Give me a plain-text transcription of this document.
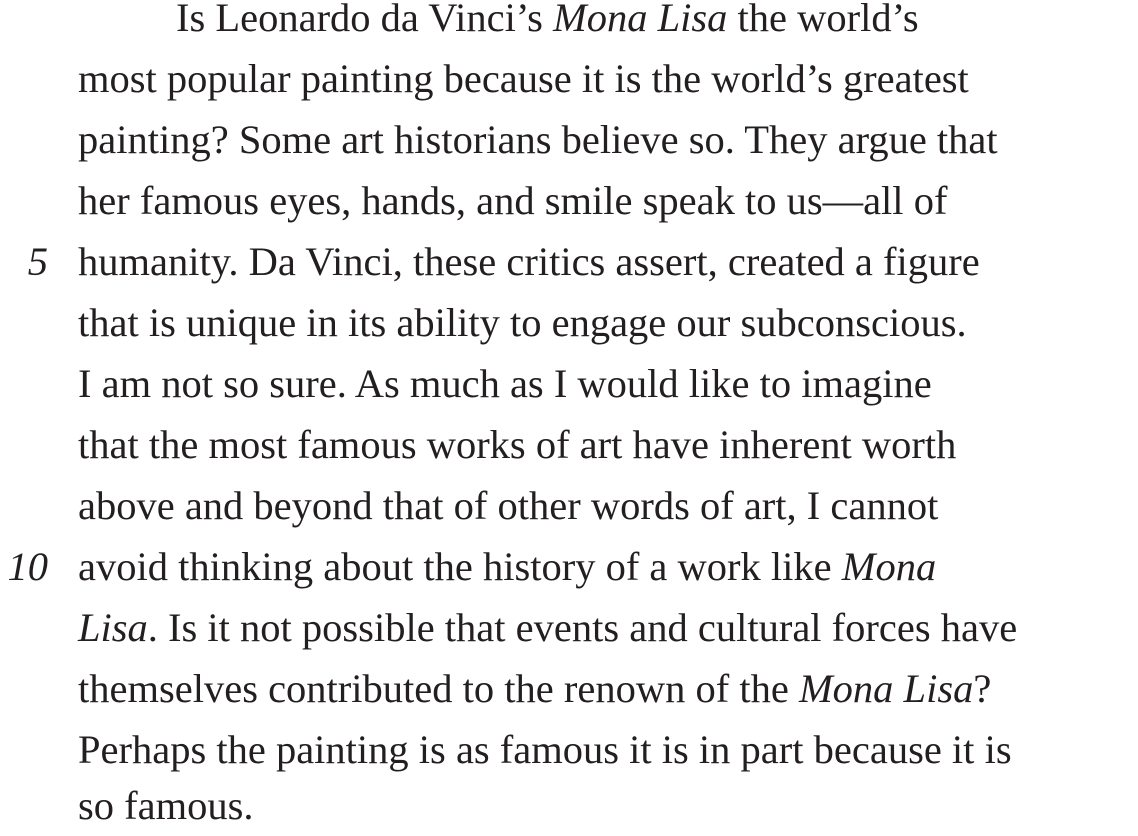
Is Leonardo da Vinci’s Mona Lisa the world’s
most popular painting because it is the world’s greatest
painting? Some art historians believe so. They argue that
her famous eyes, hands, and smile speak to us—all of
5 humanity. Da Vinci, these critics assert, created a figure
that is unique in its ability to engage our subconscious.
I am not so sure. As much as I would like to imagine
that the most famous works of art have inherent worth
above and beyond that of other words of art, I cannot
10 avoid thinking about the history of a work like Mona
Lisa. Is it not possible that events and cultural forces have
themselves contributed to the renown of the Mona Lisa?
Perhaps the painting is as famous it is in part because it is
so famous.
